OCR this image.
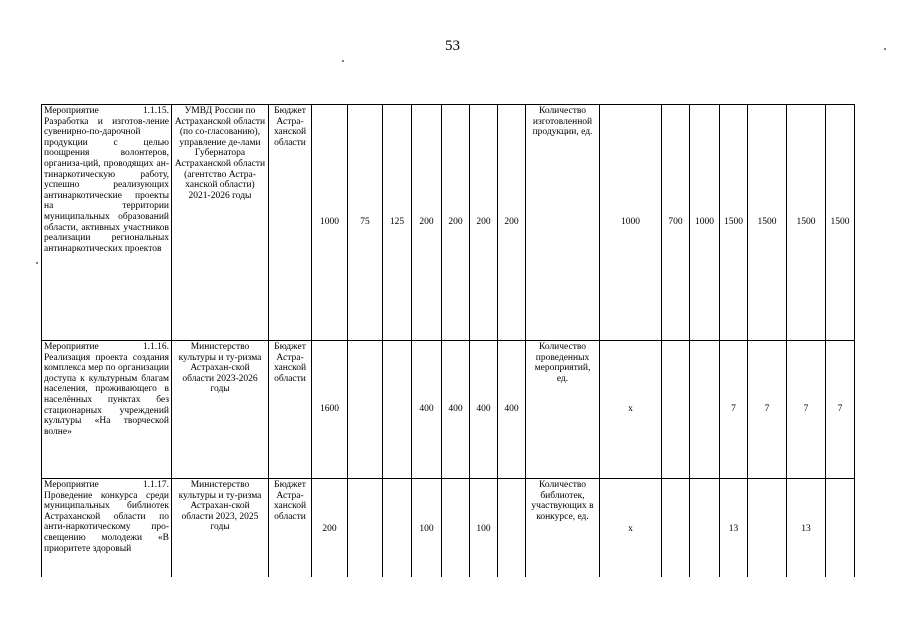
53
Мероприятие 1.1.15. Разработка и изготов-ление сувенирно-по-дарочной продукции с целью поощрения волонтеров, организа-ций, проводящих ан-тинаркотическую работу, успешно реализующих антинаркотические проекты на территории муниципальных образований области, активных участников реализации региональных антинаркотических проектов	УМВД России по Астраханской области (по со-гласованию), управление де-лами Губернатора Астраханской области (агентство Астра-ханской области) 2021-2026 годы	Бюджет Астра-ханской области	1000	75	125	200	200	200	200	Количество изготовленной продукции, ед.	1000	700	1000	1500	1500	1500	1500
Мероприятие 1.1.16. Реализация проекта создания комплекса мер по организации доступа к культурным благам населения, проживающего в населённых пунктах без стационарных учреждений культуры «На творческой волне»	Министерство культуры и ту-ризма Астрахан-ской области 2023-2026 годы	Бюджет Астра-ханской области	1600			400	400	400	400	Количество проведенных мероприятий, ед.	х			7	7	7	7
Мероприятие 1.1.17. Проведение конкурса среди муниципальных библиотек Астраханской области по анти-наркотическому про-свещению молодежи «В приоритете здоровый	Министерство культуры и ту-ризма Астрахан-ской области 2023, 2025 годы	Бюджет Астра-ханской области	200			100		100		Количество библиотек, участвующих в конкурсе, ед.	х			13		13	
